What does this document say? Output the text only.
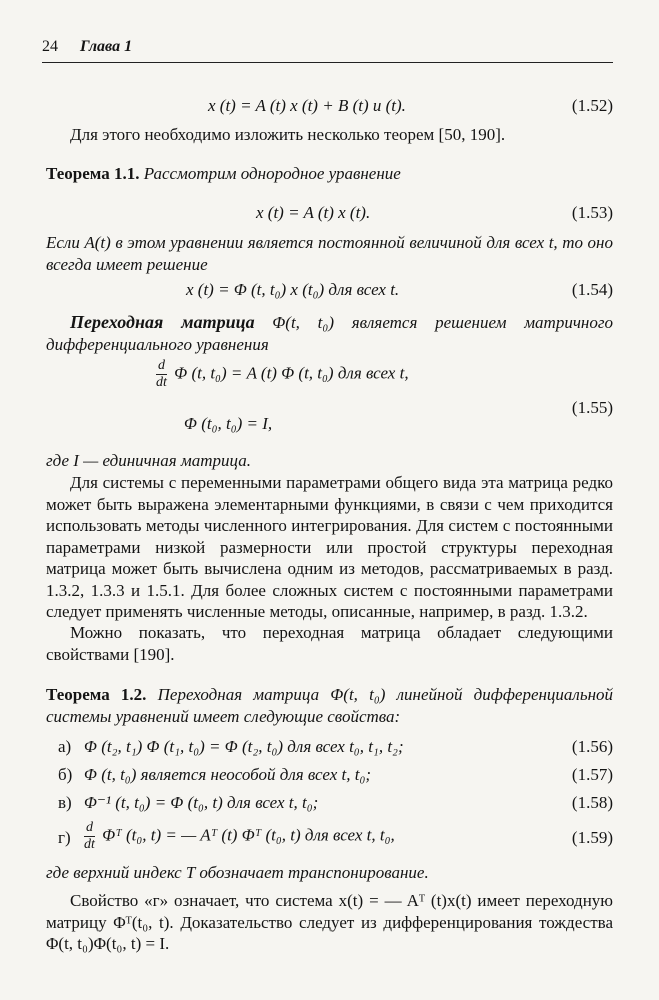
24 Глава 1
x (t) = A (t) x (t) + B (t) u (t).	(1.52)
Для этого необходимо изложить несколько теорем [50, 190].
Теорема 1.1. Рассмотрим однородное уравнение
x (t) = A (t) x (t).	(1.53)
Если A(t) в этом уравнении является постоянной величиной для всех t, то оно всегда имеет решение
x (t) = Φ (t, t₀) x (t₀) для всех t.	(1.54)
Переходная матрица Φ(t, t₀) является решением матричного дифференциального уравнения
$\frac{d}{dt}$ Φ (t, t₀) = A (t) Φ (t, t₀) для всех t,
Φ (t₀, t₀) = I,
(1.55)
где I — единичная матрица.
Для системы с переменными параметрами общего вида эта матрица редко может быть выражена элементарными функциями, в связи с чем приходится использовать методы численного интегрирования. Для систем с постоянными параметрами низкой размерности или простой структуры переходная матрица может быть вычислена одним из методов, рассматриваемых в разд. 1.3.2, 1.3.3 и 1.5.1. Для более сложных систем с постоянными параметрами следует применять численные методы, описанные, например, в разд. 1.3.2.
Можно показать, что переходная матрица обладает следующими свойствами [190].
Теорема 1.2. Переходная матрица Φ(t, t₀) линейной дифференциальной системы уравнений имеет следующие свойства:
а) Φ (t₂, t₁) Φ (t₁, t₀) = Φ (t₂, t₀) для всех t₀, t₁, t₂;	(1.56)
б) Φ (t, t₀) является неособой для всех t, t₀;	(1.57)
в) Φ⁻¹ (t, t₀) = Φ (t₀, t) для всех t, t₀;	(1.58)
$г) \frac{d}{dt}$ Φᵀ (t₀, t) = — Aᵀ (t) Φᵀ (t₀, t) для всех t, t₀,	(1.59)
где верхний индекс T обозначает транспонирование.
Свойство «г» означает, что система x(t) = — Aᵀ (t)x(t) имеет переходную матрицу Φᵀ(t₀, t). Доказательство следует из дифференцирования тождества Φ(t, t₀)Φ(t₀, t) = I.
